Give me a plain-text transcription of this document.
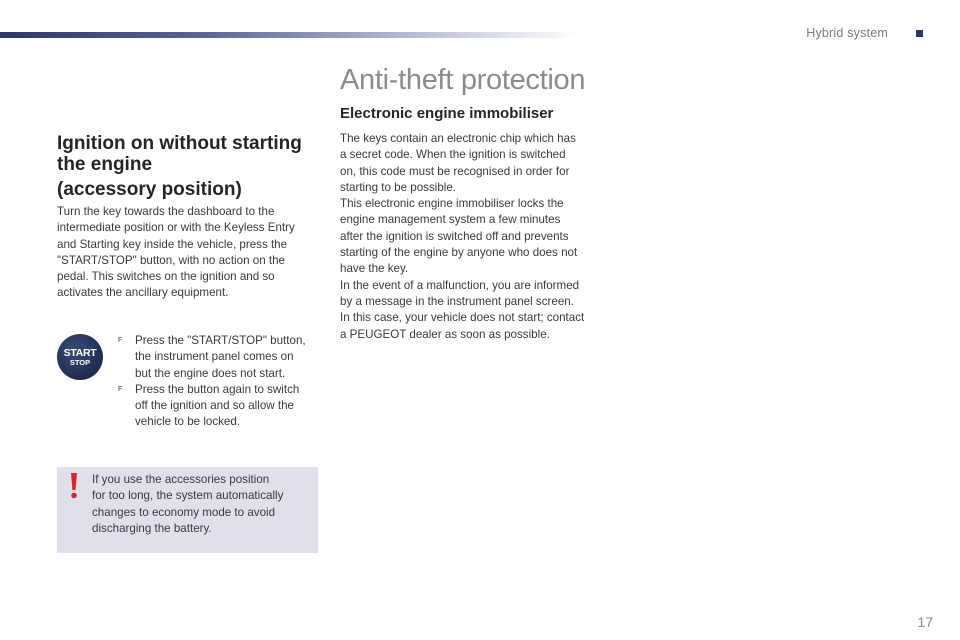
Hybrid system

Ignition on without starting

the engine

(accessory position)

Turn the key towards the dashboard to the

intermediate position or with the Keyless Entry

and Starting key inside the vehicle, press the

"START/STOP" button, with no action on the

pedal. This switches on the ignition and so

activates the ancillary equipment.

START
STOP
F Press the "START/STOP" button,

the instrument panel comes on

but the engine does not start.

F Press the button again to switch

off the ignition and so allow the

vehicle to be locked.

If you use the accessories position

for too long, the system automatically

changes to economy mode to avoid

discharging the battery.

Anti-theft protection
Electronic engine immobiliser

The keys contain an electronic chip which has

a secret code. When the ignition is switched

on, this code must be recognised in order for

starting to be possible.

This electronic engine immobiliser locks the

engine management system a few minutes

after the ignition is switched off and prevents

starting of the engine by anyone who does not

have the key.

In the event of a malfunction, you are informed

by a message in the instrument panel screen.

In this case, your vehicle does not start; contact

a PEUGEOT dealer as soon as possible.

17
